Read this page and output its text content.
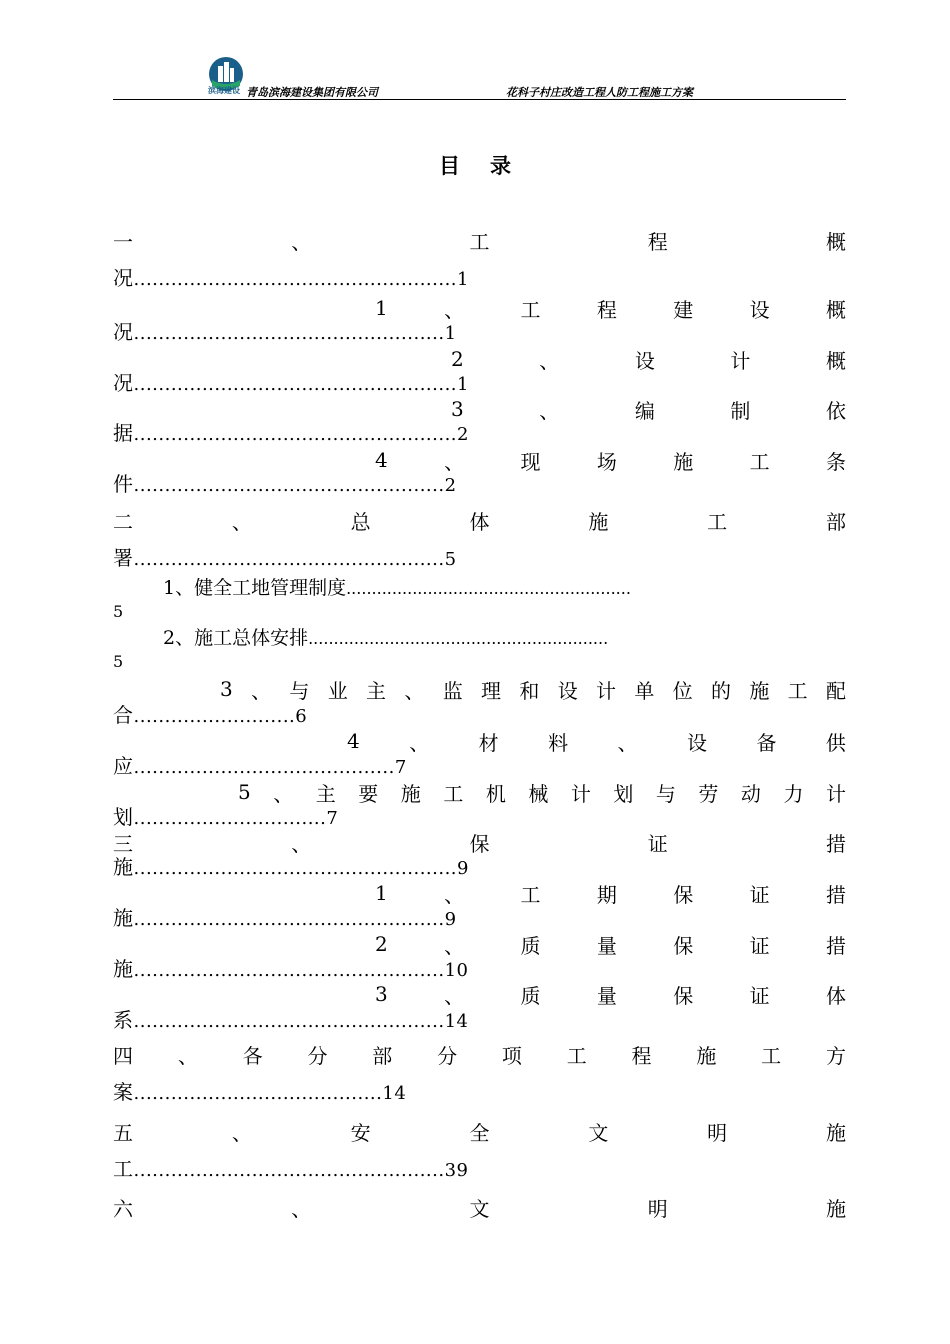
滨海建设 青岛滨海建设集团有限公司	花科子村庄改造工程人防工程施工方案
目录
一	、	工	程	概
况....................................................1
1	、	工	程	建	设	概
况..................................................1
2	、	设	计	概
况....................................................1
3	、	编	制	依
据....................................................2
4	、	现	场	施	工	条
件..................................................2
二	、	总	体	施	工	部
署..................................................5
1、健全工地管理制度........................................................
5
2、施工总体安排...........................................................
5
3 、 与 业 主 、 监 理 和 设 计 单 位 的 施 工 配
合..........................6
4 、 材 料 、 设 备 供
应..........................................7
5 、 主 要 施 工 机 械 计 划 与 劳 动 力 计
划...............................7
三	、	保	证	措
施....................................................9
1	、	工	期	保	证	措
施..................................................9
2	、	质	量	保	证	措
施..................................................10
3	、	质	量	保	证	体
系..................................................14
四 、 各 分 部 分 项 工 程 施 工 方
案........................................14
五	、	安	全	文	明	施
工..................................................39
六	、	文	明	施
